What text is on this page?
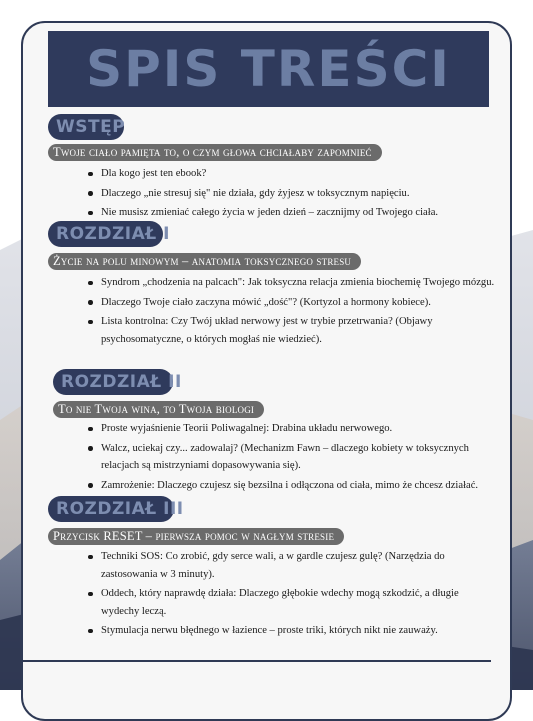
SPIS TREŚCI
WSTĘP
Twoje ciało pamięta to, o czym głowa chciałaby zapomnieć
Dla kogo jest ten ebook?
Dlaczego „nie stresuj się" nie działa, gdy żyjesz w toksycznym napięciu.
Nie musisz zmieniać całego życia w jeden dzień – zacznijmy od Twojego ciała.
ROZDZIAŁ I
Życie na polu minowym – anatomia toksycznego stresu
Syndrom „chodzenia na palcach": Jak toksyczna relacja zmienia biochemię Twojego mózgu.
Dlaczego Twoje ciało zaczyna mówić „dość"? (Kortyzol a hormony kobiece).
Lista kontrolna: Czy Twój układ nerwowy jest w trybie przetrwania? (Objawy psychosomatyczne, o których mogłaś nie wiedzieć).
ROZDZIAŁ II
To nie Twoja wina, to Twoja biologi
Proste wyjaśnienie Teorii Poliwagalnej: Drabina układu nerwowego.
Walcz, uciekaj czy... zadowalaj? (Mechanizm Fawn – dlaczego kobiety w toksycznych relacjach są mistrzyniami dopasowywania się).
Zamrożenie: Dlaczego czujesz się bezsilna i odłączona od ciała, mimo że chcesz działać.
ROZDZIAŁ III
Przycisk RESET – pierwsza pomoc w nagłym stresie
Techniki SOS: Co zrobić, gdy serce wali, a w gardle czujesz gulę? (Narzędzia do zastosowania w 3 minuty).
Oddech, który naprawdę działa: Dlaczego głębokie wdechy mogą szkodzić, a długie wydechy leczą.
Stymulacja nerwu błędnego w łazience – proste triki, których nikt nie zauważy.
